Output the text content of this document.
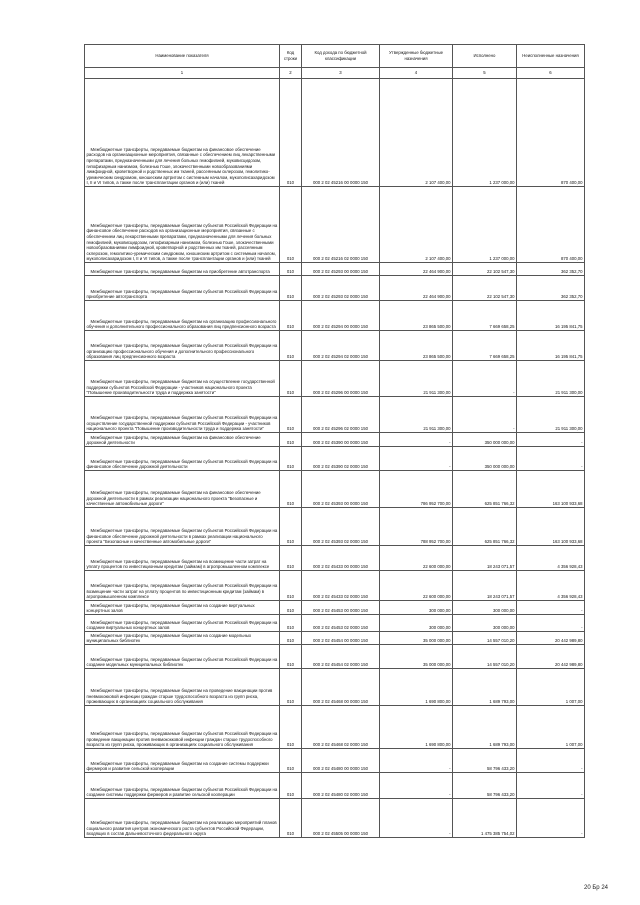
Наименование показателя	Код строки	Код дохода по бюджетной классификации	Утвержденные бюджетные назначения	Исполнено	Неисполненные назначения
1	2	3	4	5	6
Межбюджетные трансферты, передаваемые бюджетам на финансовое обеспечение расходов на организационные мероприятия, связанные с обеспечением лиц лекарственными препаратами, предназначенными для лечения больных гемофилией, муковисцидозом, гипофизарным нанизмом, болезнью Гоше, злокачественными новообразованиями лимфоидной, кроветворной и родственных им тканей, рассеянным склерозом, гемолитико-уремическим синдромом, юношеским артритом с системным началом, мукополисахаридозом I, II и VI типов, а также после трансплантации органов и (или) тканей	010	000 2 02 45216 00 0000 150	2 107 400,00	1 237 000,00	870 400,00
Межбюджетные трансферты, передаваемые бюджетам субъектов Российской Федерации на финансовое обеспечение расходов на организационные мероприятия, связанные с обеспечением лиц лекарственными препаратами, предназначенными для лечения больных гемофилией, муковисцидозом, гипофизарным нанизмом, болезнью Гоше, злокачественными новообразованиями лимфоидной, кроветворной и родственных им тканей, рассеянным склерозом, гемолитико-уремическим синдромом, юношеским артритом с системным началом, мукополисахаридозом I, II и VI типов, а также после трансплантации органов и (или) тканей	010	000 2 02 45216 02 0000 150	2 107 400,00	1 237 000,00	870 400,00
Межбюджетные трансферты, передаваемые бюджетам на приобретение автотранспорта	010	000 2 02 45293 00 0000 150	22 464 900,00	22 102 547,30	362 352,70
Межбюджетные трансферты, передаваемые бюджетам субъектов Российской Федерации на приобретение автотранспорта	010	000 2 02 45293 02 0000 150	22 464 900,00	22 102 547,30	362 352,70
Межбюджетные трансферты, передаваемые бюджетам на организацию профессионального обучения и дополнительного профессионального образования лиц предпенсионного возраста	010	000 2 02 45294 00 0000 150	23 865 500,00	7 669 658,25	16 195 841,75
Межбюджетные трансферты, передаваемые бюджетам субъектов Российской Федерации на организацию профессионального обучения и дополнительного профессионального образования лиц предпенсионного возраста	010	000 2 02 45294 02 0000 150	23 865 500,00	7 669 658,25	16 195 841,75
Межбюджетные трансферты, передаваемые бюджетам на осуществление государственной поддержки субъектов Российской Федерации - участников национального проекта "Повышение производительности труда и поддержка занятости"	010	000 2 02 45296 00 0000 150	21 911 300,00	-	21 911 300,00
Межбюджетные трансферты, передаваемые бюджетам субъектов Российской Федерации на осуществление государственной поддержки субъектов Российской Федерации - участников национального проекта "Повышение производительности труда и поддержка занятости"	010	000 2 02 45296 02 0000 150	21 911 300,00	-	21 911 300,00
Межбюджетные трансферты, передаваемые бюджетам на финансовое обеспечение дорожной деятельности	010	000 2 02 45390 00 0000 150	-	350 000 000,00	-
Межбюджетные трансферты, передаваемые бюджетам субъектов Российской Федерации на финансовое обеспечение дорожной деятельности	010	000 2 02 45390 02 0000 150	-	350 000 000,00	-
Межбюджетные трансферты, передаваемые бюджетам на финансовое обеспечение дорожной деятельности в рамках реализации национального проекта "Безопасные и качественные автомобильные дороги"	010	000 2 02 45393 00 0000 150	786 952 700,00	625 851 766,32	163 100 933,68
Межбюджетные трансферты, передаваемые бюджетам субъектов Российской Федерации на финансовое обеспечение дорожной деятельности в рамках реализации национального проекта "Безопасные и качественные автомобильные дороги"	010	000 2 02 45393 02 0000 150	788 952 700,00	625 851 766,32	163 100 933,68
Межбюджетные трансферты, передаваемые бюджетам на возмещение части затрат на уплату процентов по инвестиционным кредитам (займам) в агропромышленном комплексе	010	000 2 02 45433 00 0000 150	22 600 000,00	18 243 071,57	4 356 928,43
Межбюджетные трансферты, передаваемые бюджетам субъектов Российской Федерации на возмещение части затрат на уплату процентов по инвестиционным кредитам (займам) в агропромышленном комплексе	010	000 2 02 45433 02 0000 150	22 600 000,00	18 243 071,57	4 356 928,43
Межбюджетные трансферты, передаваемые бюджетам на создание виртуальных концертных залов	010	000 2 02 45453 00 0000 150	300 000,00	300 000,00	-
Межбюджетные трансферты, передаваемые бюджетам субъектов Российской Федерации на создание виртуальных концертных залов	010	000 2 02 45453 02 0000 150	300 000,00	300 000,00	-
Межбюджетные трансферты, передаваемые бюджетам на создание модельных муниципальных библиотек	010	000 2 02 45454 00 0000 150	35 000 000,00	14 557 010,20	20 442 989,80
Межбюджетные трансферты, передаваемые бюджетам субъектов Российской Федерации на создание модельных муниципальных библиотек	010	000 2 02 45454 02 0000 150	35 000 000,00	14 557 010,20	20 442 989,80
Межбюджетные трансферты, передаваемые бюджетам на проведение вакцинации против пневмококковой инфекции граждан старше трудоспособного возраста из групп риска, проживающих в организациях социального обслуживания	010	000 2 02 45468 00 0000 150	1 690 800,00	1 689 793,00	1 007,00
Межбюджетные трансферты, передаваемые бюджетам субъектов Российской Федерации на проведение вакцинации против пневмококковой инфекции граждан старше трудоспособного возраста из групп риска, проживающих в организациях социального обслуживания	010	000 2 02 45468 02 0000 150	1 690 800,00	1 689 793,00	1 007,00
Межбюджетные трансферты, передаваемые бюджетам на создание системы поддержки фермеров и развитие сельской кооперации	010	000 2 02 45480 00 0000 150	-	58 796 433,20	-
Межбюджетные трансферты, передаваемые бюджетам субъектов Российской Федерации на создание системы поддержки фермеров и развитие сельской кооперации	010	000 2 02 45480 02 0000 150	-	58 796 433,20	-
Межбюджетные трансферты, передаваемые бюджетам на реализацию мероприятий планов социального развития центров экономического роста субъектов Российской Федерации, входящих в состав Дальневосточного федерального округа	010	000 2 02 45505 00 0000 150	-	1 475 385 754,02	-
20 Бр 24
